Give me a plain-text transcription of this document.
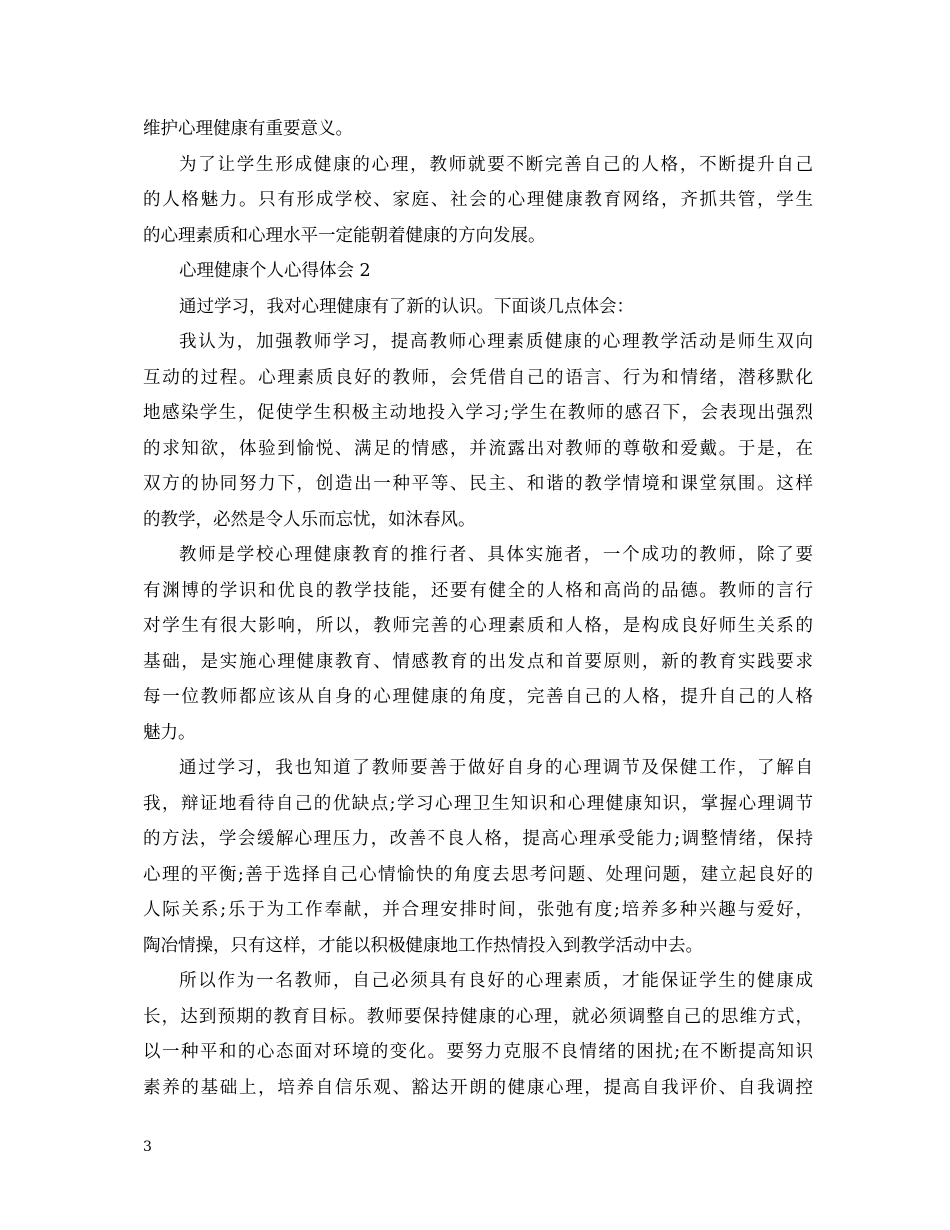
维护心理健康有重要意义。
为了让学生形成健康的心理，教师就要不断完善自己的人格，不断提升自己
的人格魅力。只有形成学校、家庭、社会的心理健康教育网络，齐抓共管，学生
的心理素质和心理水平一定能朝着健康的方向发展。
心理健康个人心得体会 2
通过学习，我对心理健康有了新的认识。下面谈几点体会：
我认为，加强教师学习，提高教师心理素质健康的心理教学活动是师生双向
互动的过程。心理素质良好的教师，会凭借自己的语言、行为和情绪，潜移默化
地感染学生，促使学生积极主动地投入学习;学生在教师的感召下，会表现出强烈
的求知欲，体验到愉悦、满足的情感，并流露出对教师的尊敬和爱戴。于是，在
双方的协同努力下，创造出一种平等、民主、和谐的教学情境和课堂氛围。这样
的教学，必然是令人乐而忘忧，如沐春风。
教师是学校心理健康教育的推行者、具体实施者，一个成功的教师，除了要
有渊博的学识和优良的教学技能，还要有健全的人格和高尚的品德。教师的言行
对学生有很大影响，所以，教师完善的心理素质和人格，是构成良好师生关系的
基础，是实施心理健康教育、情感教育的出发点和首要原则，新的教育实践要求
每一位教师都应该从自身的心理健康的角度，完善自己的人格，提升自己的人格
魅力。
通过学习，我也知道了教师要善于做好自身的心理调节及保健工作，了解自
我，辩证地看待自己的优缺点;学习心理卫生知识和心理健康知识，掌握心理调节
的方法，学会缓解心理压力，改善不良人格，提高心理承受能力;调整情绪，保持
心理的平衡;善于选择自己心情愉快的角度去思考问题、处理问题，建立起良好的
人际关系;乐于为工作奉献，并合理安排时间，张弛有度;培养多种兴趣与爱好，
陶冶情操，只有这样，才能以积极健康地工作热情投入到教学活动中去。
所以作为一名教师，自己必须具有良好的心理素质，才能保证学生的健康成
长，达到预期的教育目标。教师要保持健康的心理，就必须调整自己的思维方式，
以一种平和的心态面对环境的变化。要努力克服不良情绪的困扰;在不断提高知识
素养的基础上，培养自信乐观、豁达开朗的健康心理，提高自我评价、自我调控
3
